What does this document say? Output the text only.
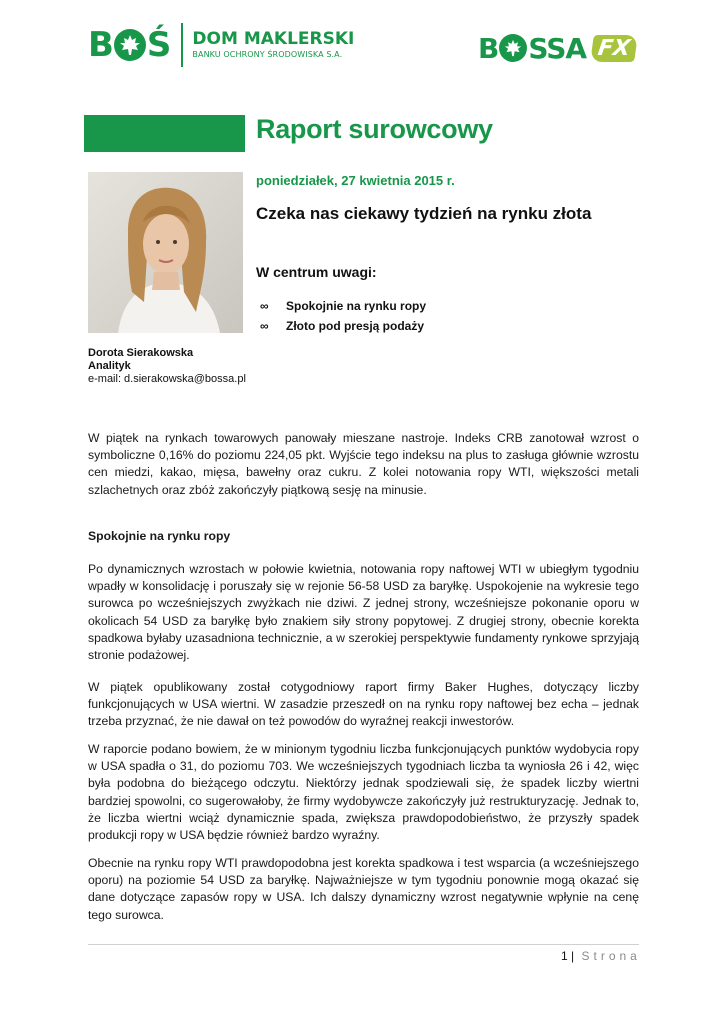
B Ś DOM MAKLERSKI
BANKU OCHRONY ŚRODOWISKA S.A.	B SSA FX
Raport surowcowy
poniedziałek, 27 kwietnia 2015 r.
Czeka nas ciekawy tydzień na rynku złota
W centrum uwagi:
∞	Spokojnie na rynku ropy
∞	Złoto pod presją podaży
Dorota Sierakowska
Analityk
e-mail: d.sierakowska@bossa.pl

W piątek na rynkach towarowych panowały mieszane nastroje. Indeks CRB zanotował wzrost o symboliczne 0,16% do poziomu 224,05 pkt. Wyjście tego indeksu na plus to zasługa głównie wzrostu cen miedzi, kakao, mięsa, bawełny oraz cukru. Z kolei notowania ropy WTI, większości metali szlachetnych oraz zbóż zakończyły piątkową sesję na minusie.

Spokojnie na rynku ropy

Po dynamicznych wzrostach w połowie kwietnia, notowania ropy naftowej WTI w ubiegłym tygodniu wpadły w konsolidację i poruszały się w rejonie 56-58 USD za baryłkę. Uspokojenie na wykresie tego surowca po wcześniejszych zwyżkach nie dziwi. Z jednej strony, wcześniejsze pokonanie oporu w okolicach 54 USD za baryłkę było znakiem siły strony popytowej. Z drugiej strony, obecnie korekta spadkowa byłaby uzasadniona technicznie, a w szerokiej perspektywie fundamenty rynkowe sprzyjają stronie podażowej.

W piątek opublikowany został cotygodniowy raport firmy Baker Hughes, dotyczący liczby funkcjonujących w USA wiertni. W zasadzie przeszedł on na rynku ropy naftowej bez echa – jednak trzeba przyznać, że nie dawał on też powodów do wyraźnej reakcji inwestorów.

W raporcie podano bowiem, że w minionym tygodniu liczba funkcjonujących punktów wydobycia ropy w USA spadła o 31, do poziomu 703. We wcześniejszych tygodniach liczba ta wyniosła 26 i 42, więc była podobna do bieżącego odczytu. Niektórzy jednak spodziewali się, że spadek liczby wiertni bardziej spowolni, co sugerowałoby, że firmy wydobywcze zakończyły już restrukturyzację. Jednak to, że liczba wiertni wciąż dynamicznie spada, zwiększa prawdopodobieństwo, że przyszły spadek produkcji ropy w USA będzie również bardzo wyraźny.

Obecnie na rynku ropy WTI prawdopodobna jest korekta spadkowa i test wsparcia (a wcześniejszego oporu) na poziomie 54 USD za baryłkę. Najważniejsze w tym tygodniu ponownie mogą okazać się dane dotyczące zapasów ropy w USA. Ich dalszy dynamiczny wzrost negatywnie wpłynie na cenę tego surowca.

1 | Strona
